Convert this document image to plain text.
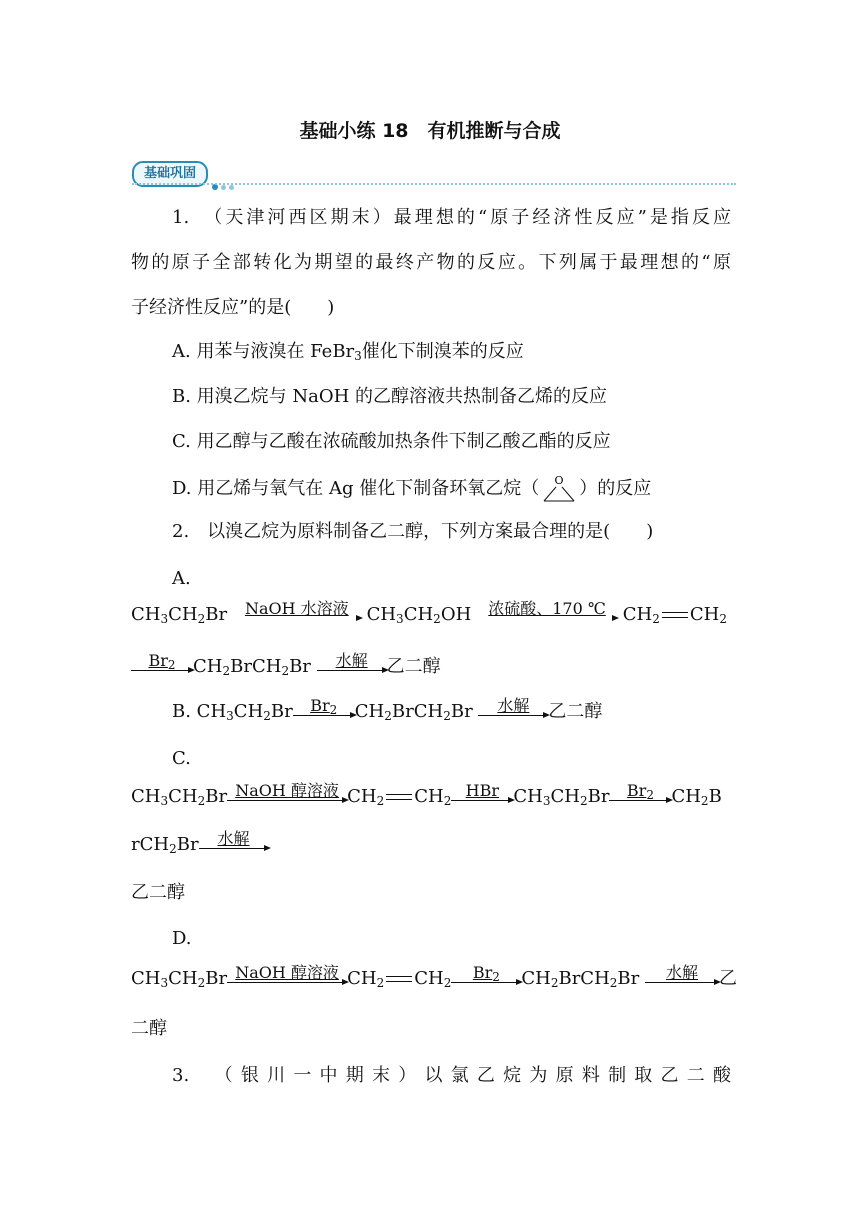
基础小练 18　有机推断与合成
基础巩固
1.　（天津河西区期末）最理想的“原子经济性反应”是指反应
物的原子全部转化为期望的最终产物的反应。下列属于最理想的“原
子经济性反应”的是(　　)
A. 用苯与液溴在 FeBr$_3$催化下制溴苯的反应
B. 用溴乙烷与 NaOH 的乙醇溶液共热制备乙烯的反应
C. 用乙醇与乙酸在浓硫酸加热条件下制乙酸乙酯的反应
D. 用乙烯与氧气在 Ag 催化下制备环氧乙烷（ O ）的反应
2.　以溴乙烷为原料制备乙二醇，下列方案最合理的是(　　)
A.
$CH_3CH_2Br$	NaOH 水溶液 $CH_3CH_2OH$	浓硫酸、170 ℃ $CH_2$ $CH_2$
$Br_2$ $CH_2BrCH_2Br$	水解	乙二醇
B. $CH_3CH_2Br$	$Br_2$ $CH_2BrCH_2Br$	水解	乙二醇
C.
$CH_3CH_2Br$ NaOH 醇溶液 $CH_2$ $CH_2$
HBr $CH_3CH_2Br$	$Br_2$ $CH_2B$
rCH$_2$Br	水解
乙二醇
D.
$CH_3CH_2Br$ NaOH 醇溶液 $CH_2$ $CH_2$
$Br_2$	$CH_2BrCH_2Br$	水解	乙
二醇
3.　（银川一中期末）以氯乙烷为原料制取乙二酸
